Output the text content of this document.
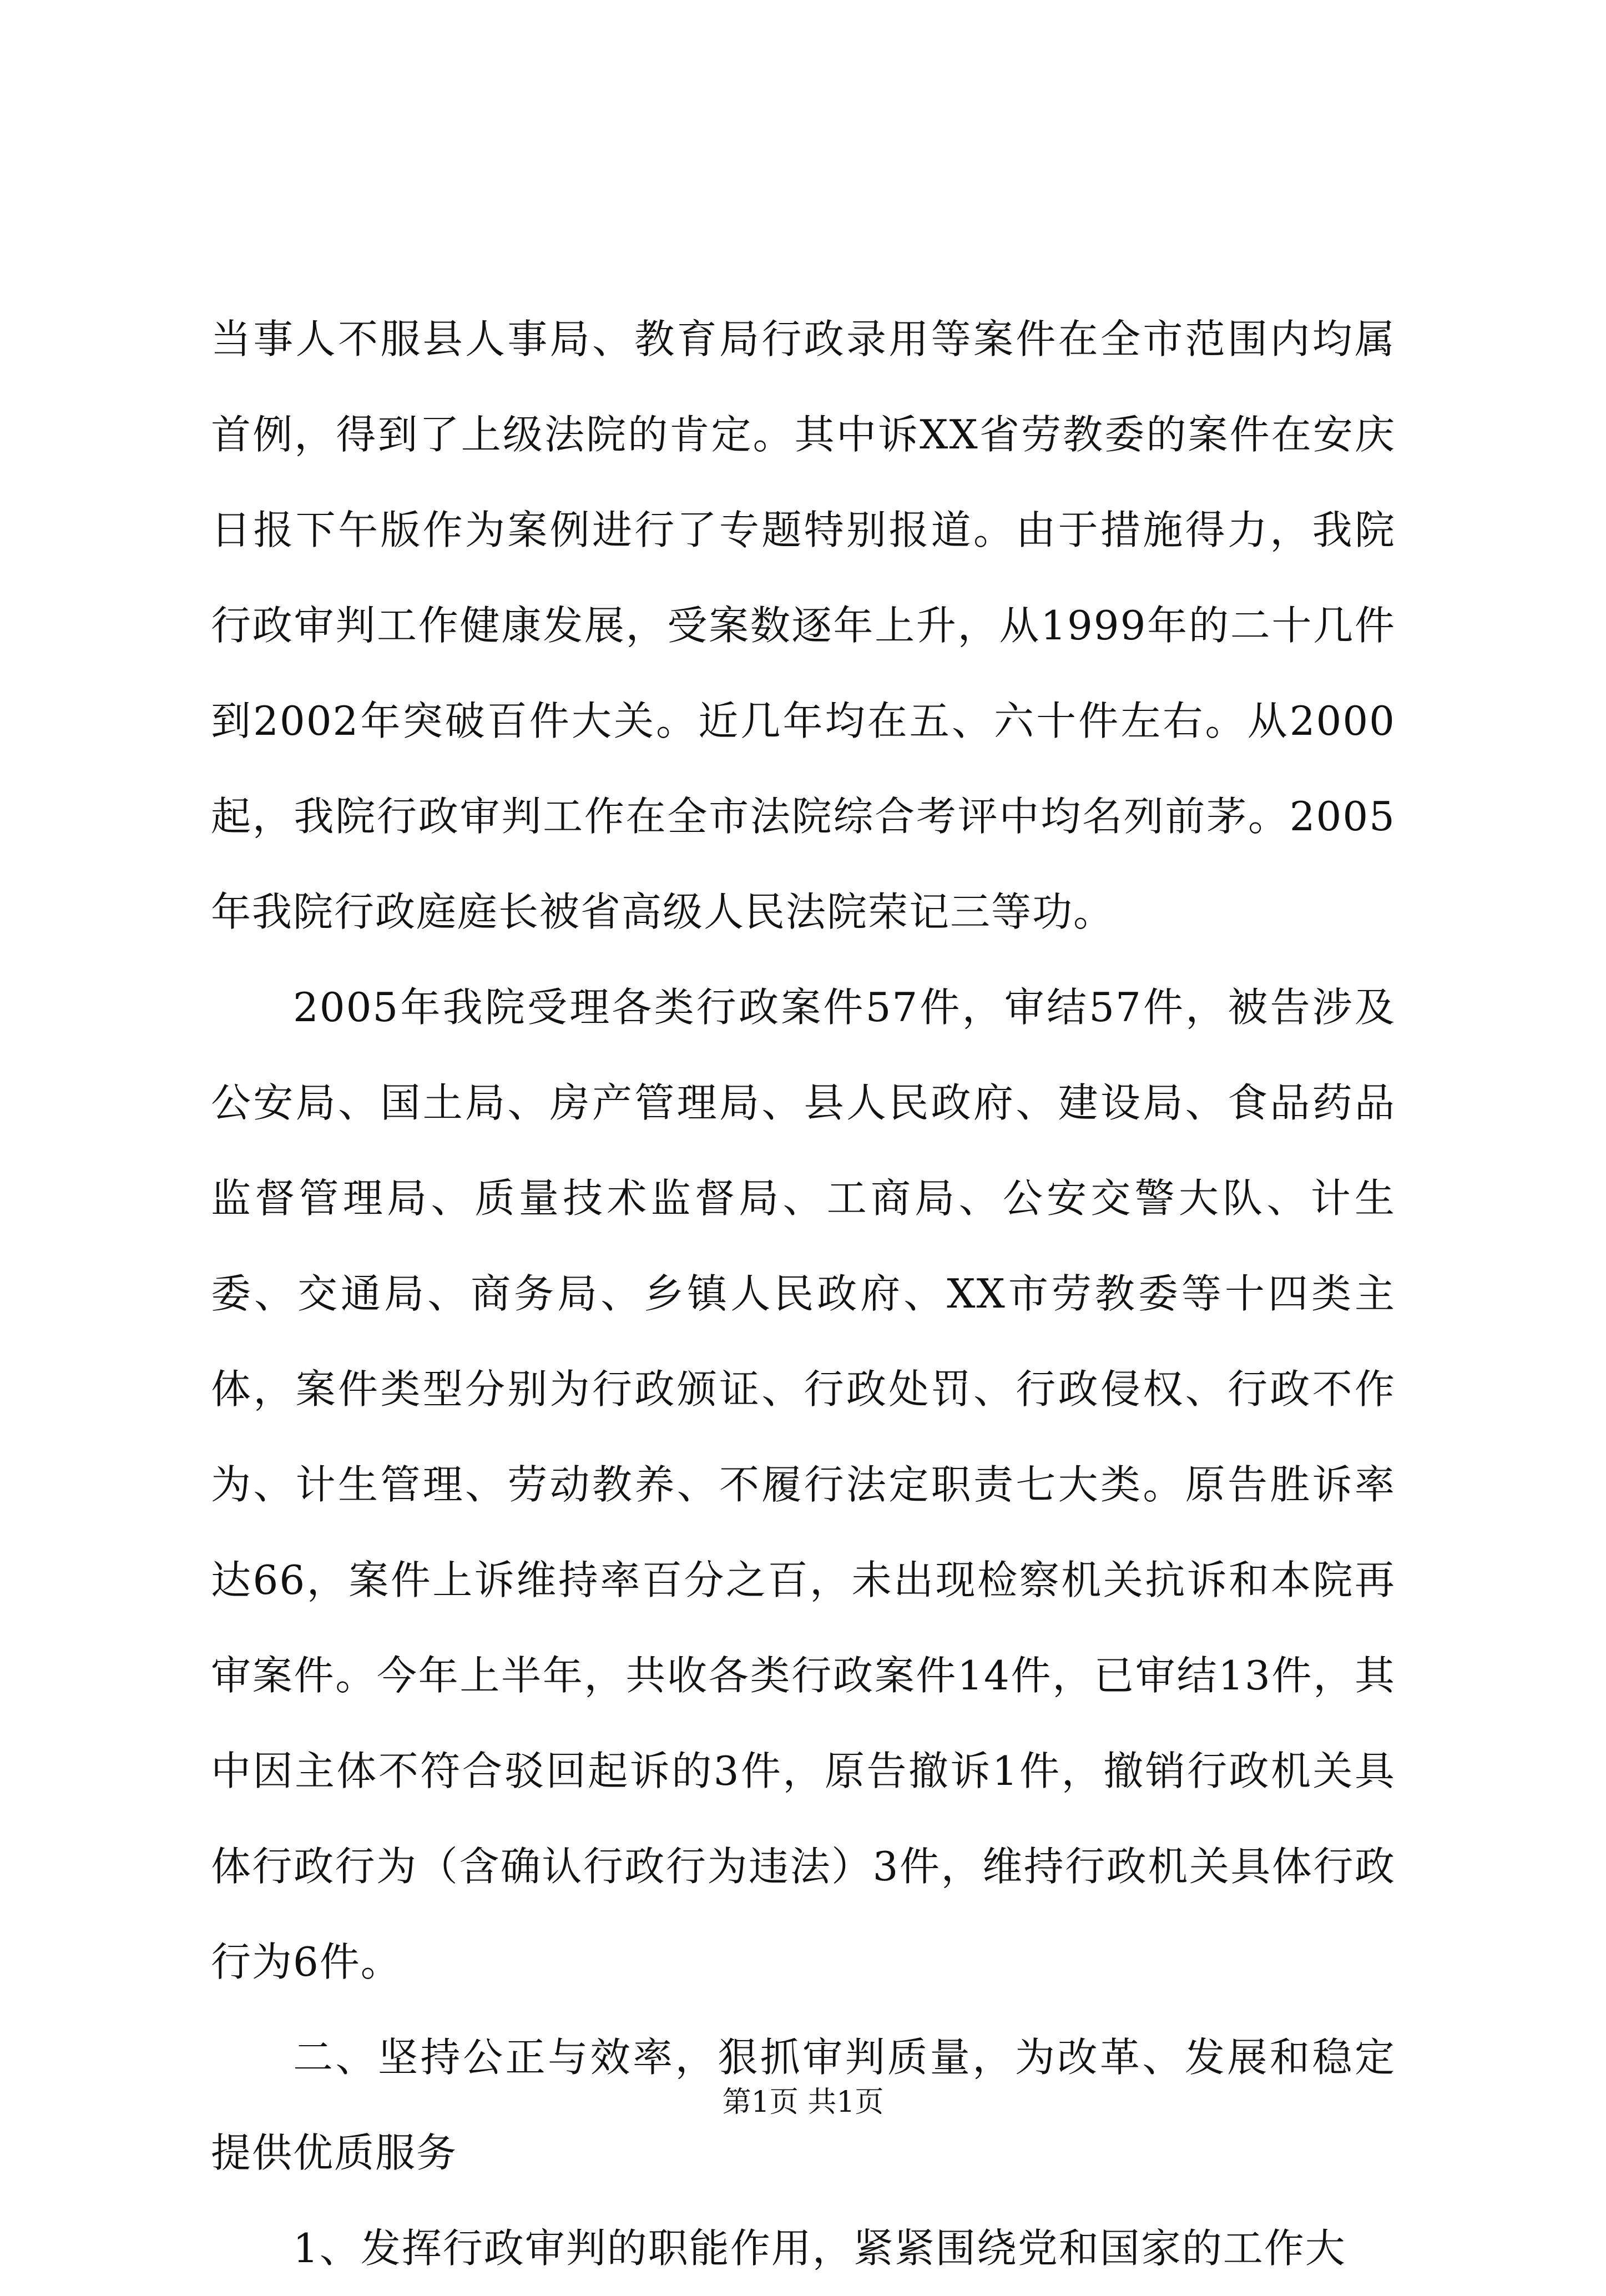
当事人不服县人事局、教育局行政录用等案件在全市范围内均属首例，得到了上级法院的肯定。其中诉XX省劳教委的案件在安庆日报下午版作为案例进行了专题特别报道。由于措施得力，我院行政审判工作健康发展，受案数逐年上升，从1999年的二十几件到2002年突破百件大关。近几年均在五、六十件左右。从2000起，我院行政审判工作在全市法院综合考评中均名列前茅。2005年我院行政庭庭长被省高级人民法院荣记三等功。

2005年我院受理各类行政案件57件，审结57件，被告涉及公安局、国土局、房产管理局、县人民政府、建设局、食品药品监督管理局、质量技术监督局、工商局、公安交警大队、计生委、交通局、商务局、乡镇人民政府、XX市劳教委等十四类主体，案件类型分别为行政颁证、行政处罚、行政侵权、行政不作为、计生管理、劳动教养、不履行法定职责七大类。原告胜诉率达66，案件上诉维持率百分之百，未出现检察机关抗诉和本院再审案件。今年上半年，共收各类行政案件14件，已审结13件，其中因主体不符合驳回起诉的3件，原告撤诉1件，撤销行政机关具体行政行为（含确认行政行为违法）3件，维持行政机关具体行政行为6件。

二、坚持公正与效率，狠抓审判质量，为改革、发展和稳定提供优质服务

1、发挥行政审判的职能作用，紧紧围绕党和国家的工作大

第1页 共1页
